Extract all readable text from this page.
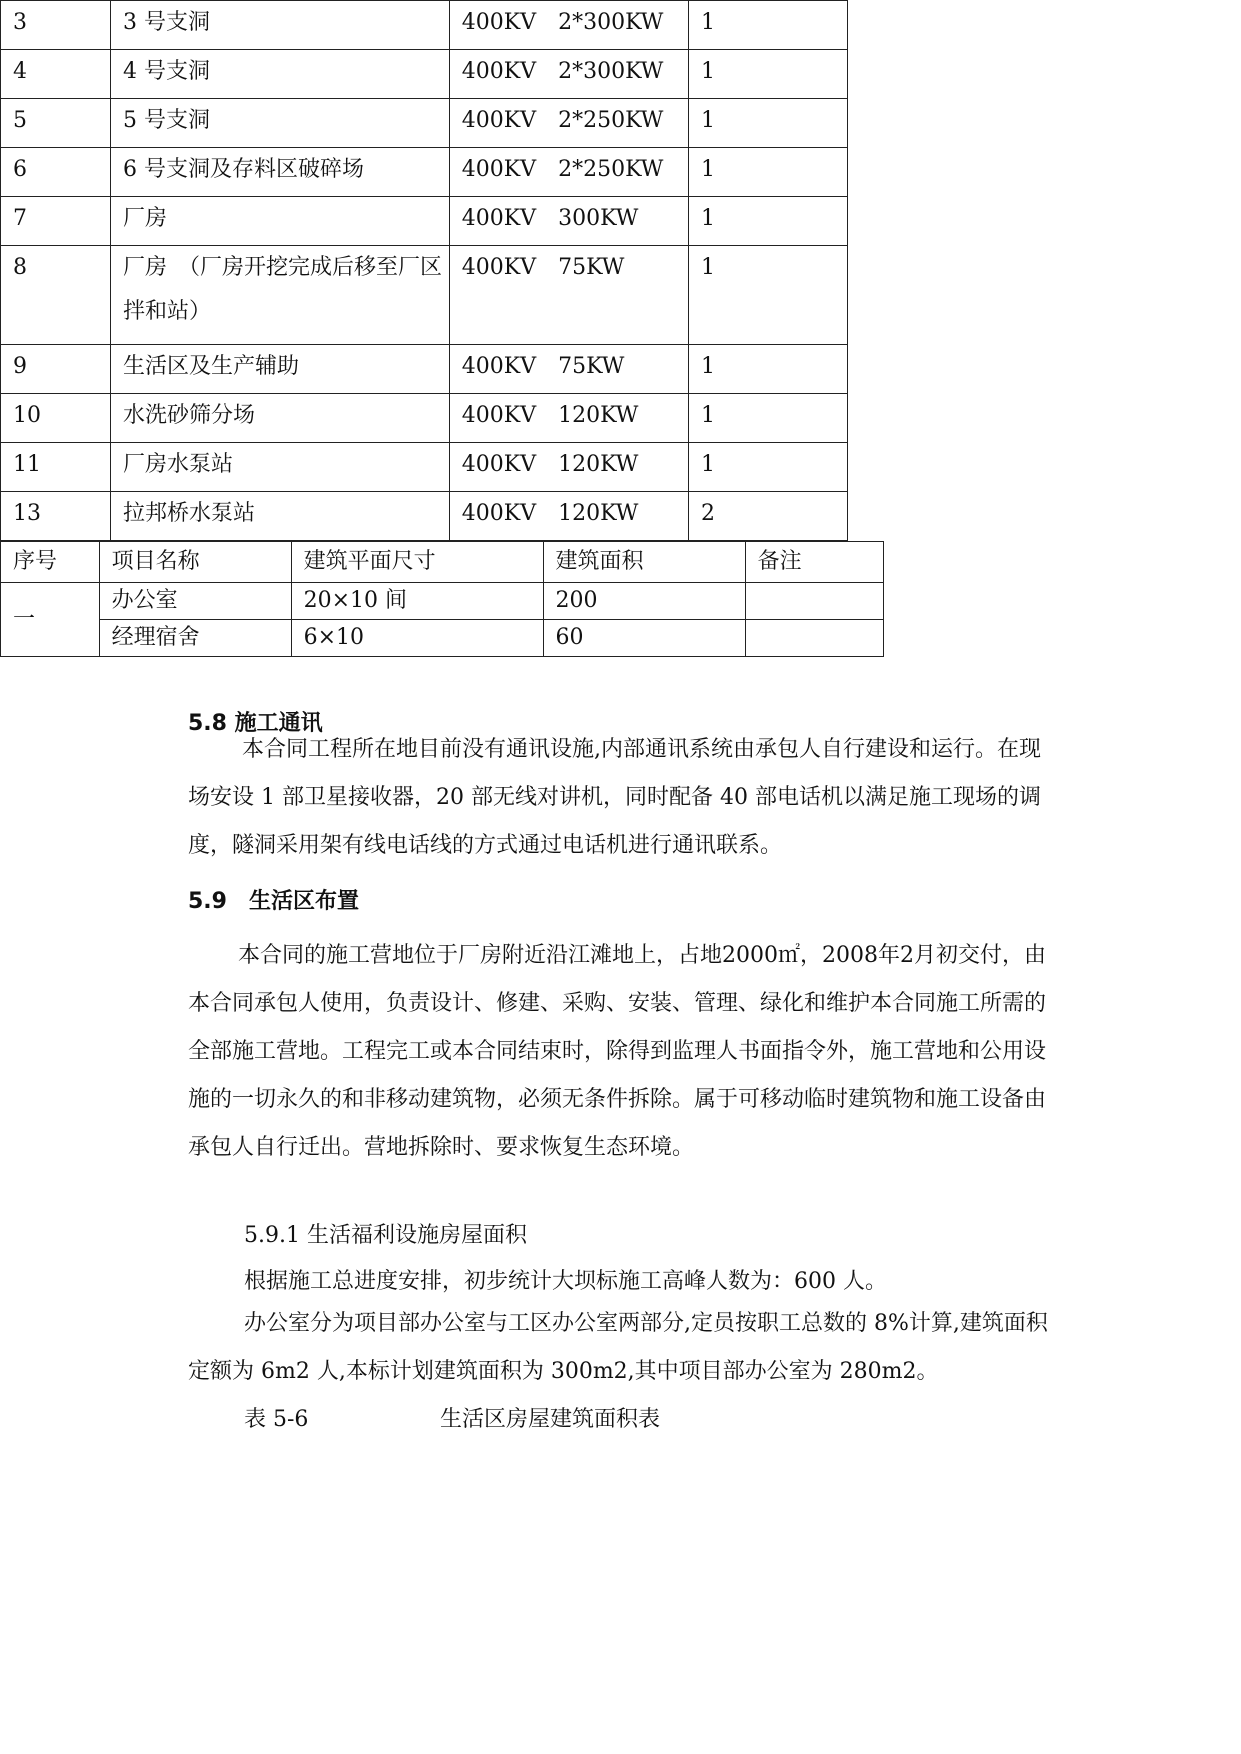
3	3 号支洞	400KV　2*300KW	1
4	4 号支洞	400KV　2*300KW	1
5	5 号支洞	400KV　2*250KW	1
6	6 号支洞及存料区破碎场	400KV　2*250KW	1
7	厂房	400KV　300KW	1
8	厂房　（厂房开挖完成后移至厂区拌和站）	400KV　75KW	1
9	生活区及生产辅助	400KV　75KW	1
10	水洗砂筛分场	400KV　120KW	1
11	厂房水泵站	400KV　120KW	1
13	拉邦桥水泵站	400KV　120KW	2
5.8 施工通讯
本合同工程所在地目前没有通讯设施,内部通讯系统由承包人自行建设和运行。在现场安设 1 部卫星接收器，20 部无线对讲机，同时配备 40 部电话机以满足施工现场的调度，隧洞采用架有线电话线的方式通过电话机进行通讯联系。
5.9　生活区布置
本合同的施工营地位于厂房附近沿江滩地上，占地2000㎡，2008年2月初交付，由本合同承包人使用，负责设计、修建、采购、安装、管理、绿化和维护本合同施工所需的全部施工营地。工程完工或本合同结束时，除得到监理人书面指令外，施工营地和公用设施的一切永久的和非移动建筑物，必须无条件拆除。属于可移动临时建筑物和施工设备由承包人自行迁出。营地拆除时、要求恢复生态环境。
5.9.1 生活福利设施房屋面积
根据施工总进度安排，初步统计大坝标施工高峰人数为：600 人。
办公室分为项目部办公室与工区办公室两部分,定员按职工总数的 8%计算,建筑面积定额为 6m2 人,本标计划建筑面积为 300m2,其中项目部办公室为 280m2。
表 5-6	生活区房屋建筑面积表
序号	项目名称	建筑平面尺寸	建筑面积	备注
一	办公室	20×10 间	200	
	经理宿舍	6×10	60	
